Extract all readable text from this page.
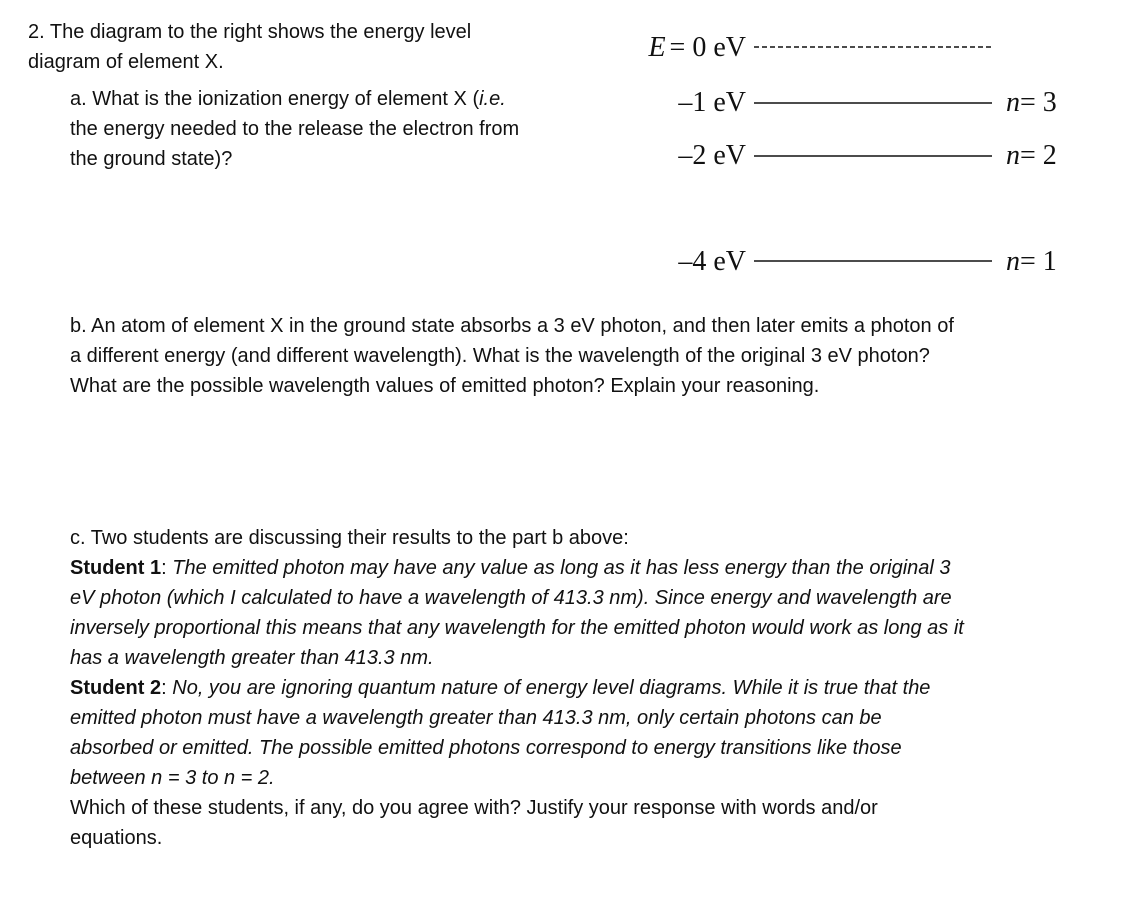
2. The diagram to the right shows the energy level
diagram of element X.
a. What is the ionization energy of element X (i.e.
the energy needed to the release the electron from
the ground state)?
E = 0 eV
–1 eV	n= 3
–2 eV	n= 2
–4 eV	n= 1
b. An atom of element X in the ground state absorbs a 3 eV photon, and then later emits a photon of
a different energy (and different wavelength). What is the wavelength of the original 3 eV photon?
What are the possible wavelength values of emitted photon? Explain your reasoning.
c. Two students are discussing their results to the part b above:
Student 1: The emitted photon may have any value as long as it has less energy than the original 3
eV photon (which I calculated to have a wavelength of 413.3 nm). Since energy and wavelength are
inversely proportional this means that any wavelength for the emitted photon would work as long as it
has a wavelength greater than 413.3 nm.
Student 2: No, you are ignoring quantum nature of energy level diagrams. While it is true that the
emitted photon must have a wavelength greater than 413.3 nm, only certain photons can be
absorbed or emitted. The possible emitted photons correspond to energy transitions like those
between n = 3 to n = 2.
Which of these students, if any, do you agree with? Justify your response with words and/or
equations.
